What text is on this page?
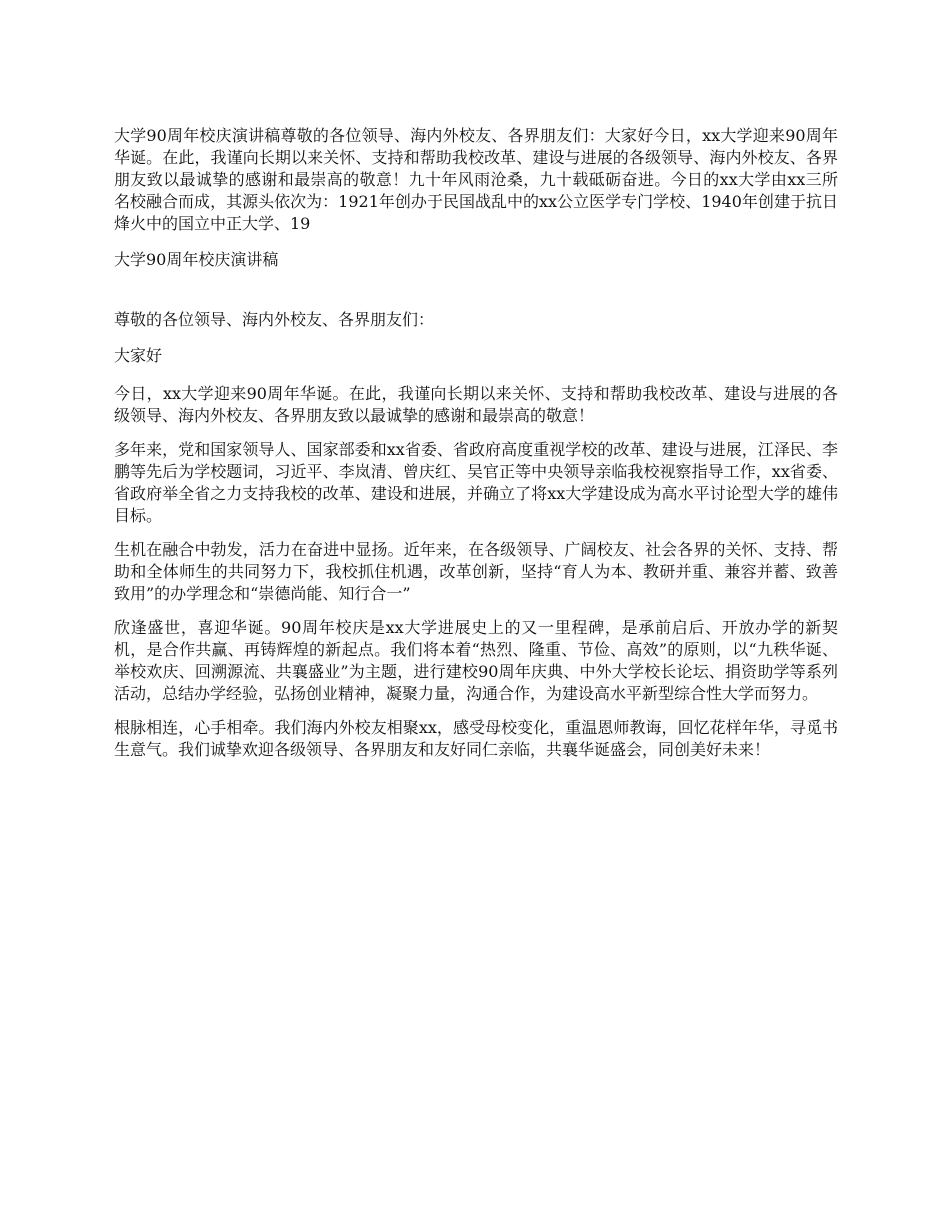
大学90周年校庆演讲稿尊敬的各位领导、海内外校友、各界朋友们：大家好今日，xx大学迎来90周年华诞。在此，我谨向长期以来关怀、支持和帮助我校改革、建设与进展的各级领导、海内外校友、各界朋友致以最诚挚的感谢和最崇高的敬意！九十年风雨沧桑，九十载砥砺奋进。今日的xx大学由xx三所名校融合而成，其源头依次为：1921年创办于民国战乱中的xx公立医学专门学校、1940年创建于抗日烽火中的国立中正大学、19
大学90周年校庆演讲稿
尊敬的各位领导、海内外校友、各界朋友们：
大家好
今日，xx大学迎来90周年华诞。在此，我谨向长期以来关怀、支持和帮助我校改革、建设与进展的各级领导、海内外校友、各界朋友致以最诚挚的感谢和最崇高的敬意！
多年来，党和国家领导人、国家部委和xx省委、省政府高度重视学校的改革、建设与进展，江泽民、李鹏等先后为学校题词，习近平、李岚清、曾庆红、吴官正等中央领导亲临我校视察指导工作，xx省委、省政府举全省之力支持我校的改革、建设和进展，并确立了将xx大学建设成为高水平讨论型大学的雄伟目标。
生机在融合中勃发，活力在奋进中显扬。近年来，在各级领导、广阔校友、社会各界的关怀、支持、帮助和全体师生的共同努力下，我校抓住机遇，改革创新，坚持“育人为本、教研并重、兼容并蓄、致善致用”的办学理念和“崇德尚能、知行合一”
欣逢盛世，喜迎华诞。90周年校庆是xx大学进展史上的又一里程碑，是承前启后、开放办学的新契机，是合作共赢、再铸辉煌的新起点。我们将本着“热烈、隆重、节俭、高效”的原则，以“九秩华诞、举校欢庆、回溯源流、共襄盛业”为主题，进行建校90周年庆典、中外大学校长论坛、捐资助学等系列活动，总结办学经验，弘扬创业精神，凝聚力量，沟通合作，为建设高水平新型综合性大学而努力。
根脉相连，心手相牵。我们海内外校友相聚xx，感受母校变化，重温恩师教诲，回忆花样年华，寻觅书生意气。我们诚挚欢迎各级领导、各界朋友和友好同仁亲临，共襄华诞盛会，同创美好未来！
